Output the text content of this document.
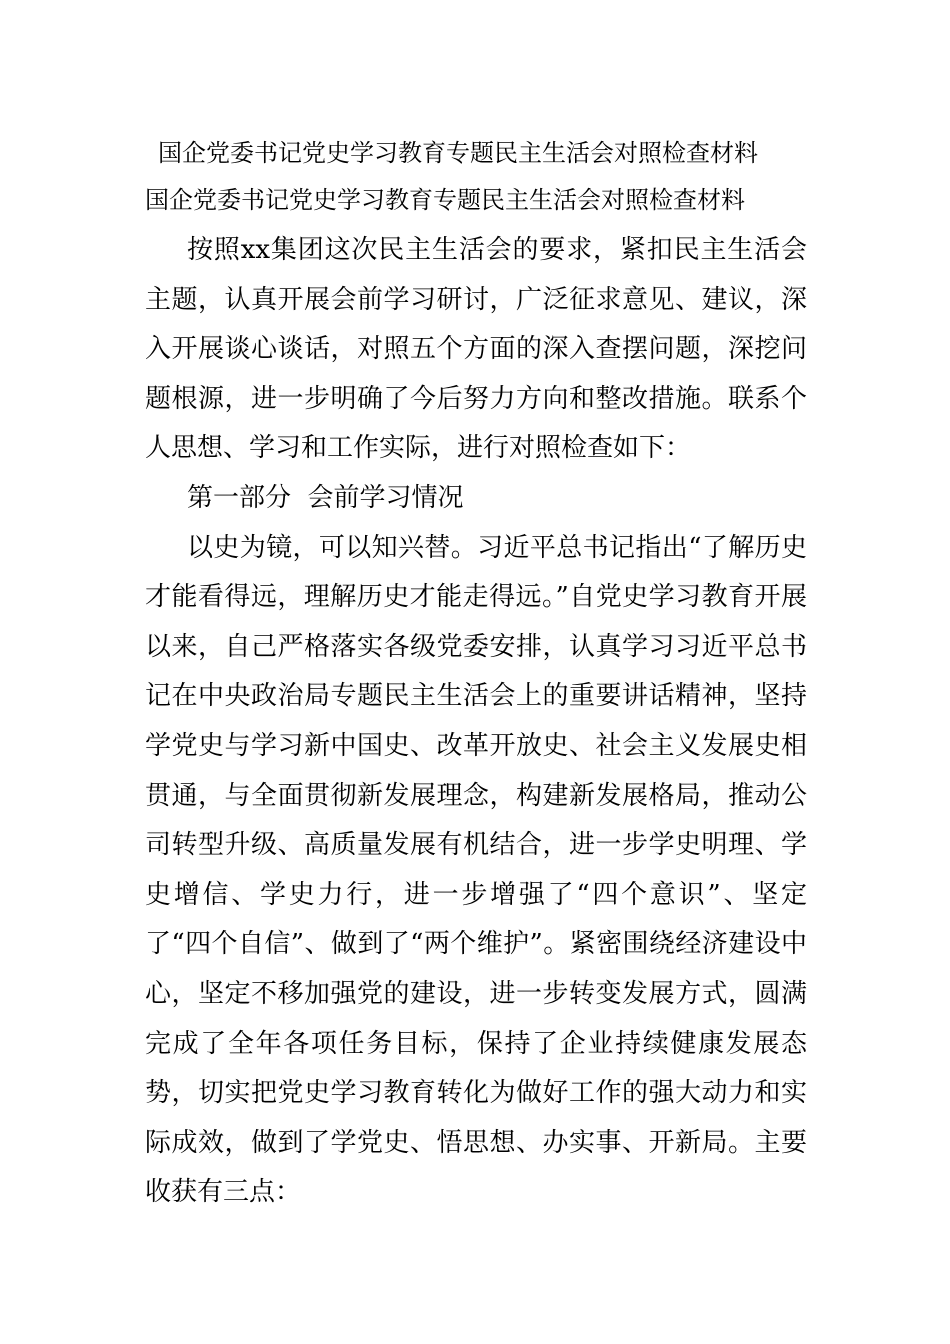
国企党委书记党史学习教育专题民主生活会对照检查材料
国企党委书记党史学习教育专题民主生活会对照检查材料

按照xx集团这次民主生活会的要求，紧扣民主生活会主题，认真开展会前学习研讨，广泛征求意见、建议，深入开展谈心谈话，对照五个方面的深入查摆问题，深挖问题根源，进一步明确了今后努力方向和整改措施。联系个人思想、学习和工作实际，进行对照检查如下：

第一部分  会前学习情况

以史为镜，可以知兴替。习近平总书记指出“了解历史才能看得远，理解历史才能走得远。”自党史学习教育开展以来，自己严格落实各级党委安排，认真学习习近平总书记在中央政治局专题民主生活会上的重要讲话精神，坚持学党史与学习新中国史、改革开放史、社会主义发展史相贯通，与全面贯彻新发展理念，构建新发展格局，推动公司转型升级、高质量发展有机结合，进一步学史明理、学史增信、学史力行，进一步增强了“四个意识”、坚定了“四个自信”、做到了“两个维护”。紧密围绕经济建设中心，坚定不移加强党的建设，进一步转变发展方式，圆满完成了全年各项任务目标，保持了企业持续健康发展态势，切实把党史学习教育转化为做好工作的强大动力和实际成效，做到了学党史、悟思想、办实事、开新局。主要收获有三点：
